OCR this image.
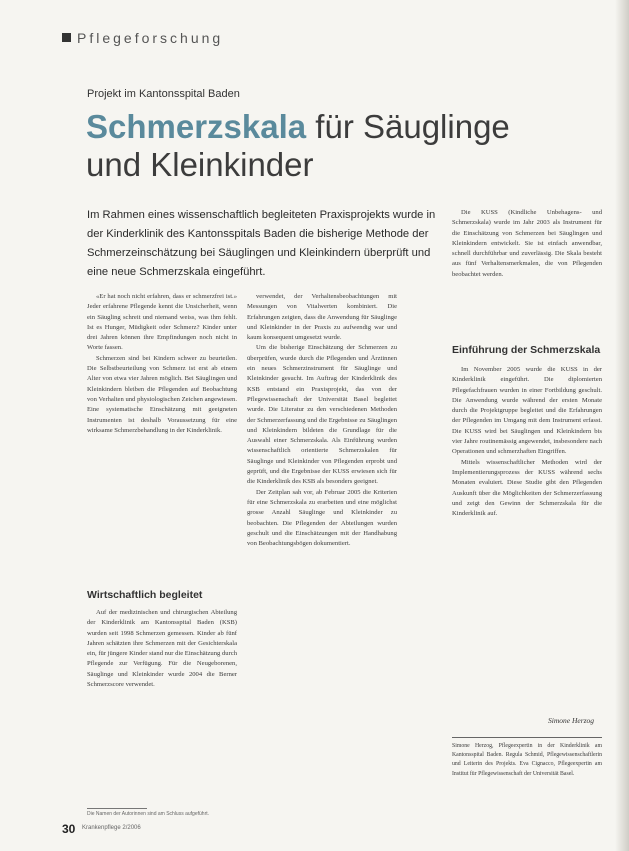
Pflegeforschung
Projekt im Kantonsspital Baden
Schmerzskala für Säuglinge
und Kleinkinder
Im Rahmen eines wissenschaftlich begleiteten Praxisprojekts wurde in der Kinderklinik des Kantonsspitals Baden die bisherige Methode der Schmerzeinschätzung bei Säuglingen und Kleinkindern überprüft und eine neue Schmerzskala eingeführt.

«Er hat noch nicht erfahren, dass er schmerzfrei ist.» Jeder erfahrene Pflegende kennt die Unsicherheit, wenn ein Säugling schreit und niemand weiss, was ihm fehlt. Ist es Hunger, Müdigkeit oder Schmerz? Kinder unter drei Jahren können ihre Empfindungen noch nicht in Worte fassen.

Schmerzen sind bei Kindern schwer zu beurteilen. Die Selbstbeurteilung von Schmerz ist erst ab einem Alter von etwa vier Jahren möglich. Bei Säuglingen und Kleinkindern bleiben die Pflegenden auf Beobachtung von Verhalten und physiologischen Zeichen angewiesen. Eine systematische Einschätzung mit geeigneten Instrumenten ist deshalb Voraussetzung für eine wirksame Schmerzbehandlung in der Kinderklinik.

Wirtschaftlich begleitet

Auf der medizinischen und chirurgischen Abteilung der Kinderklinik am Kantonsspital Baden (KSB) wurden seit 1998 Schmerzen gemessen. Kinder ab fünf Jahren schätzten ihre Schmerzen mit der Gesichterskala ein, für jüngere Kinder stand nur die Einschätzung durch Pflegende zur Verfügung. Für die Neugeborenen, Säuglinge und Kleinkinder wurde 2004 die Berner Schmerzscore verwendet.

verwendet, der Verhaltensbeobachtungen mit Messungen von Vitalwerten kombiniert. Die Erfahrungen zeigten, dass die Anwendung für Säuglinge und Kleinkinder in der Praxis zu aufwendig war und kaum konsequent umgesetzt wurde.

Um die bisherige Einschätzung der Schmerzen zu überprüfen, wurde durch die Pflegenden und Ärztinnen ein neues Schmerzinstrument für Säuglinge und Kleinkinder gesucht. Im Auftrag der Kinderklinik des KSB entstand ein Praxisprojekt, das von der Pflegewissenschaft der Universität Basel begleitet wurde. Die Literatur zu den verschiedenen Methoden der Schmerzerfassung und die Ergebnisse zu Säuglingen und Kleinkindern bildeten die Grundlage für die Auswahl einer Schmerzskala. Als Einführung wurden wissenschaftlich orientierte Schmerzskalen für Säuglinge und Kleinkinder von Pflegenden erprobt und geprüft, und die Ergebnisse der KUSS erwiesen sich für die Kinderklinik des KSB als besonders geeignet.

Der Zeitplan sah vor, ab Februar 2005 die Kriterien für eine Schmerzskala zu erarbeiten und eine möglichst grosse Anzahl Säuglinge und Kleinkinder zu beobachten. Die Pflegenden der Abteilungen wurden geschult und die Einschätzungen mit der Handhabung von Beobachtungsbögen dokumentiert.

Die KUSS (Kindliche Unbehagens- und Schmerzskala) wurde im Jahr 2003 als Instrument für die Einschätzung von Schmerzen bei Säuglingen und Kleinkindern entwickelt. Sie ist einfach anwendbar, schnell durchführbar und zuverlässig. Die Skala besteht aus fünf Verhaltensmerkmalen, die von Pflegenden beobachtet werden.

Einführung der Schmerzskala

Im November 2005 wurde die KUSS in der Kinderklinik eingeführt. Die diplomierten Pflegefachfrauen wurden in einer Fortbildung geschult. Die Anwendung wurde während der ersten Monate durch die Projektgruppe begleitet und die Erfahrungen der Pflegenden im Umgang mit dem Instrument erfasst. Die KUSS wird bei Säuglingen und Kleinkindern bis vier Jahre routinemässig angewendet, insbesondere nach Operationen und schmerzhaften Eingriffen.

Mittels wissenschaftlicher Methoden wird der Implementierungsprozess der KUSS während sechs Monaten evaluiert. Diese Studie gibt den Pflegenden Auskunft über die Möglichkeiten der Schmerzerfassung und zeigt den Gewinn der Schmerzskala für die Kinderklinik auf.

Simone Herzog
Simone Herzog, Pflegeexpertin in der Kinderklinik am Kantonsspital Baden. Regula Schmid, Pflegewissenschaftlerin und Leiterin des Projekts. Eva Cignacco, Pflegeexpertin am Institut für Pflegewissenschaft der Universität Basel.
Die Namen der Autorinnen sind am Schluss aufgeführt.
30 Krankenpflege 2/2006
